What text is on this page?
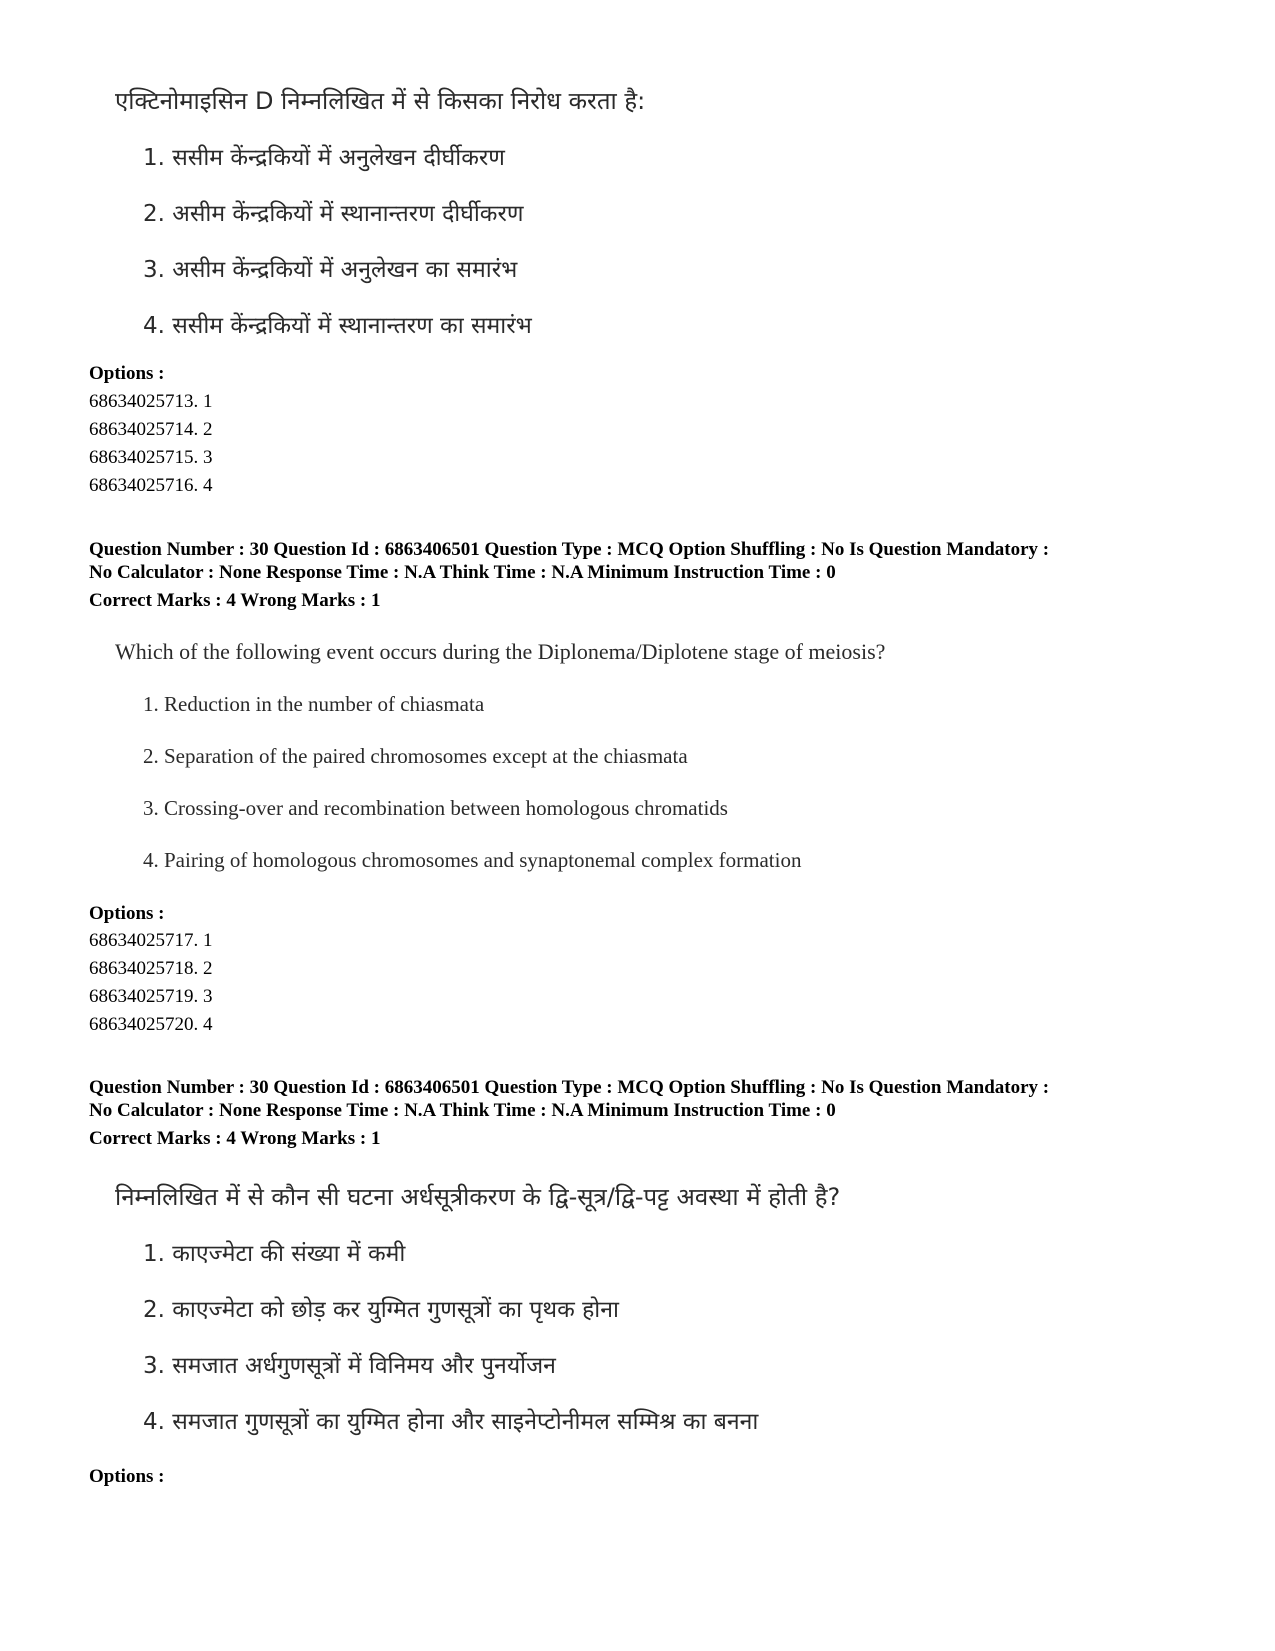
एक्टिनोमाइसिन D निम्नलिखित में से किसका निरोध करता है:
1. ससीम केंन्द्रकियों में अनुलेखन दीर्घीकरण
2. असीम केंन्द्रकियों में स्थानान्तरण दीर्घीकरण
3. असीम केंन्द्रकियों में अनुलेखन का समारंभ
4. ससीम केंन्द्रकियों में स्थानान्तरण का समारंभ
Options :
68634025713. 1
68634025714. 2
68634025715. 3
68634025716. 4
Question Number : 30 Question Id : 6863406501 Question Type : MCQ Option Shuffling : No Is Question Mandatory :
No Calculator : None Response Time : N.A Think Time : N.A Minimum Instruction Time : 0
Correct Marks : 4 Wrong Marks : 1
Which of the following event occurs during the Diplonema/Diplotene stage of meiosis?
1. Reduction in the number of chiasmata
2. Separation of the paired chromosomes except at the chiasmata
3. Crossing-over and recombination between homologous chromatids
4. Pairing of homologous chromosomes and synaptonemal complex formation
Options :
68634025717. 1
68634025718. 2
68634025719. 3
68634025720. 4
Question Number : 30 Question Id : 6863406501 Question Type : MCQ Option Shuffling : No Is Question Mandatory :
No Calculator : None Response Time : N.A Think Time : N.A Minimum Instruction Time : 0
Correct Marks : 4 Wrong Marks : 1
निम्नलिखित में से कौन सी घटना अर्धसूत्रीकरण के द्वि-सूत्र/द्वि-पट्ट अवस्था में होती है?
1. काएज्मेटा की संख्या में कमी
2. काएज्मेटा को छोड़ कर युग्मित गुणसूत्रों का पृथक होना
3. समजात अर्धगुणसूत्रों में विनिमय और पुनर्योजन
4. समजात गुणसूत्रों का युग्मित होना और साइनेप्टोनीमल सम्मिश्र का बनना
Options :
